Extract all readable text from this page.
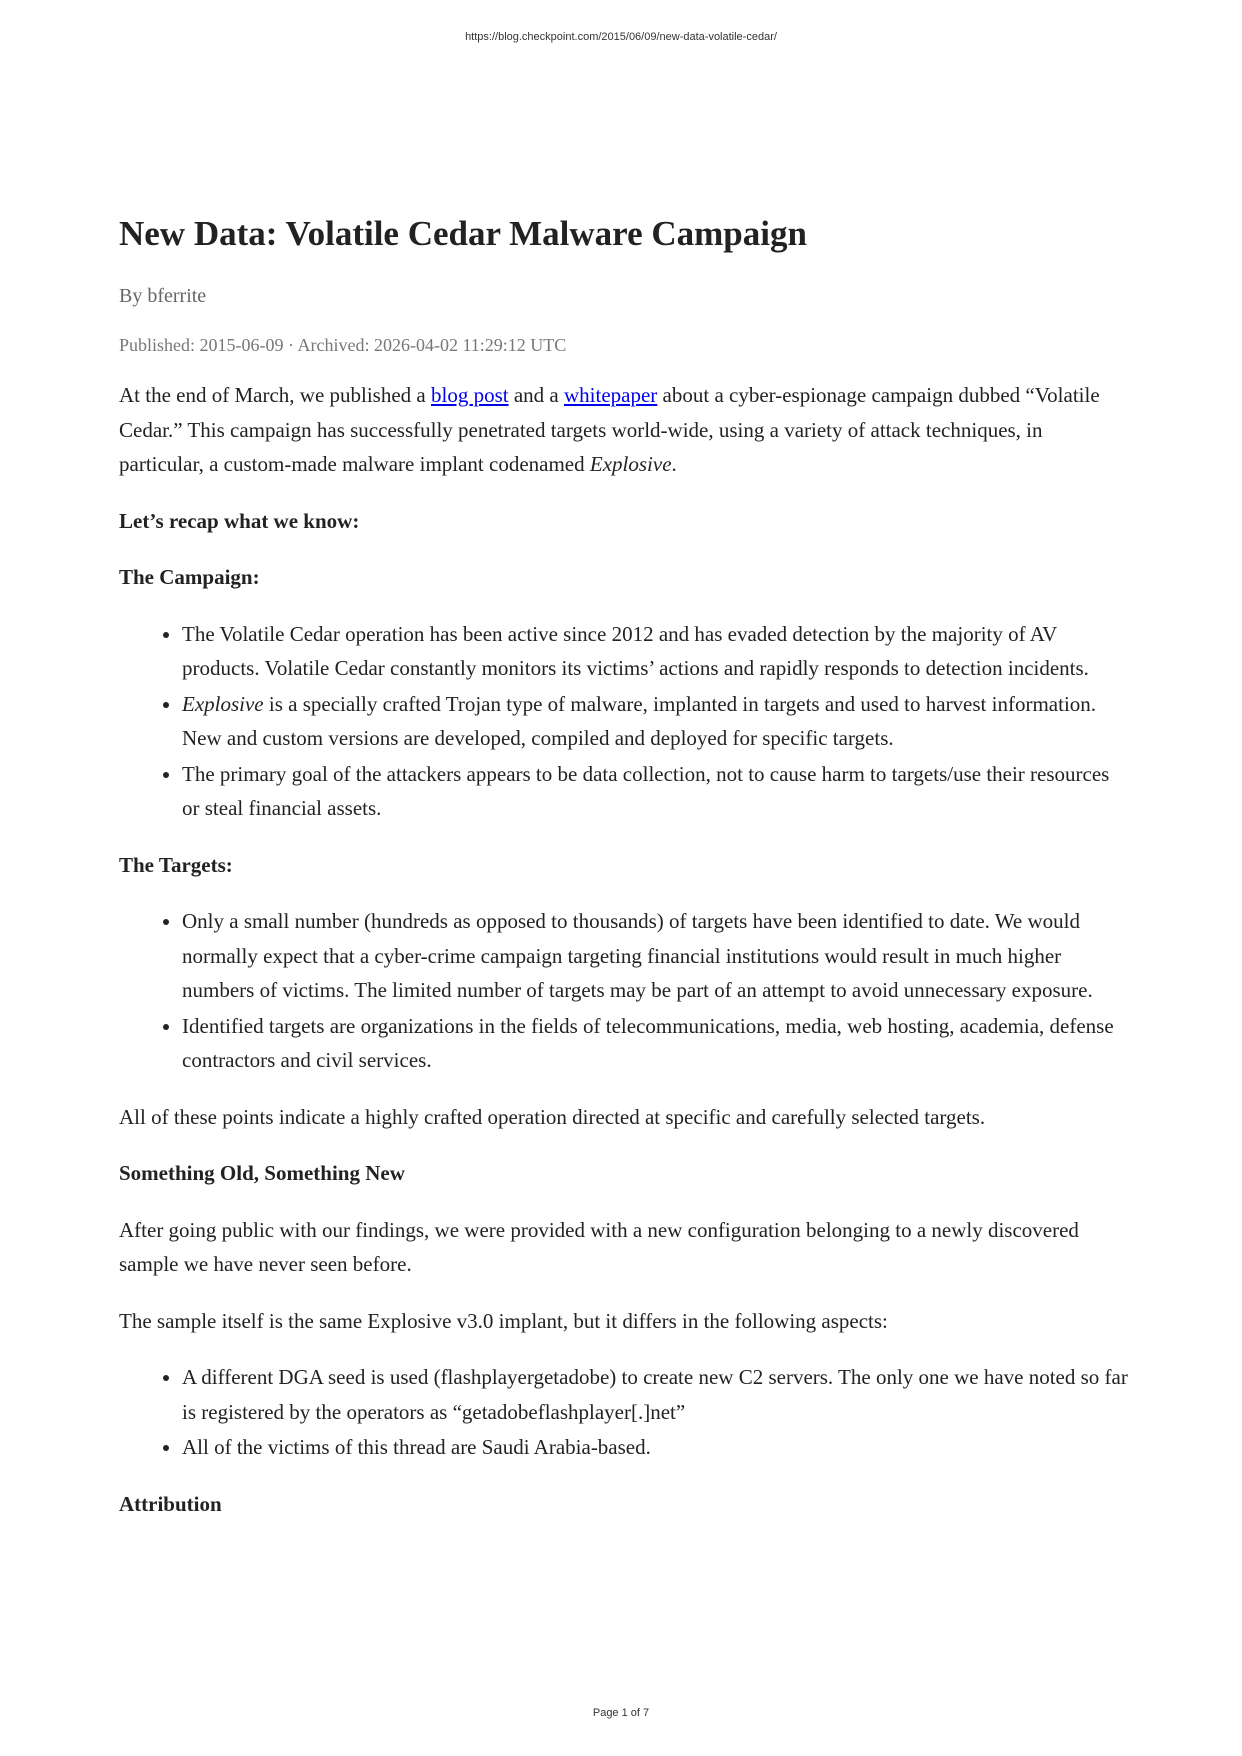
https://blog.checkpoint.com/2015/06/09/new-data-volatile-cedar/
New Data: Volatile Cedar Malware Campaign
By bferrite
Published: 2015-06-09 · Archived: 2026-04-02 11:29:12 UTC

At the end of March, we published a blog post and a whitepaper about a cyber-espionage campaign dubbed “Volatile Cedar.” This campaign has successfully penetrated targets world-wide, using a variety of attack techniques, in particular, a custom-made malware implant codenamed Explosive.

Let’s recap what we know:
The Campaign:
• The Volatile Cedar operation has been active since 2012 and has evaded detection by the majority of AV products. Volatile Cedar constantly monitors its victims’ actions and rapidly responds to detection incidents.
• Explosive is a specially crafted Trojan type of malware, implanted in targets and used to harvest information. New and custom versions are developed, compiled and deployed for specific targets.
• The primary goal of the attackers appears to be data collection, not to cause harm to targets/use their resources or steal financial assets.
The Targets:
• Only a small number (hundreds as opposed to thousands) of targets have been identified to date. We would normally expect that a cyber-crime campaign targeting financial institutions would result in much higher numbers of victims. The limited number of targets may be part of an attempt to avoid unnecessary exposure.
• Identified targets are organizations in the fields of telecommunications, media, web hosting, academia, defense contractors and civil services.

All of these points indicate a highly crafted operation directed at specific and carefully selected targets.

Something Old, Something New

After going public with our findings, we were provided with a new configuration belonging to a newly discovered sample we have never seen before.

The sample itself is the same Explosive v3.0 implant, but it differs in the following aspects:

• A different DGA seed is used (flashplayergetadobe) to create new C2 servers. The only one we have noted so far is registered by the operators as “getadobeflashplayer[.]net”
• All of the victims of this thread are Saudi Arabia-based.
Attribution
Page 1 of 7
